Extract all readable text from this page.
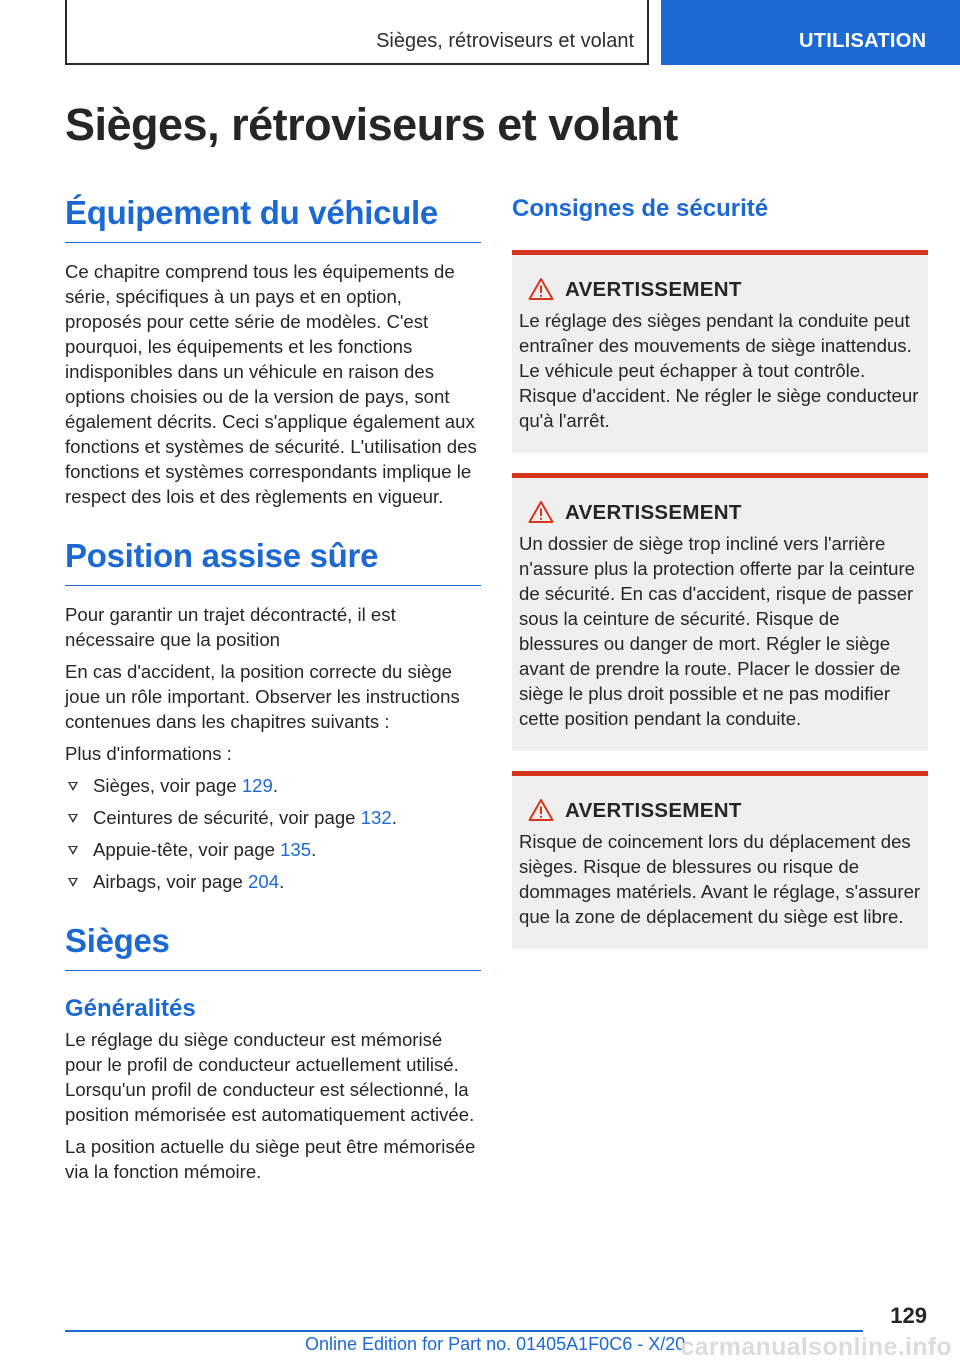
Sièges, rétroviseurs et volant	UTILISATION
Sièges, rétroviseurs et volant
Équipement du véhicule

Ce chapitre comprend tous les équipements de série, spécifiques à un pays et en option, proposés pour cette série de modèles. C'est pourquoi, les équipements et les fonctions indisponibles dans un véhicule en raison des options choisies ou de la version de pays, sont également décrits. Ceci s'applique également aux fonctions et systèmes de sécurité. L'utilisation des fonctions et systèmes correspondants implique le respect des lois et des règlements en vigueur.

Position assise sûre

Pour garantir un trajet décontracté, il est nécessaire que la position

En cas d'accident, la position correcte du siège joue un rôle important. Observer les instructions contenues dans les chapitres suivants :

Plus d'informations :

Sièges, voir page 129.
Ceintures de sécurité, voir page 132.
Appuie-tête, voir page 135.
Airbags, voir page 204.
Sièges
Généralités

Le réglage du siège conducteur est mémorisé pour le profil de conducteur actuellement utilisé. Lorsqu'un profil de conducteur est sélectionné, la position mémorisée est automatiquement activée.

La position actuelle du siège peut être mémorisée via la fonction mémoire.

Consignes de sécurité
AVERTISSEMENT

Le réglage des sièges pendant la conduite peut entraîner des mouvements de siège inattendus. Le véhicule peut échapper à tout contrôle. Risque d'accident. Ne régler le siège conducteur qu'à l'arrêt.

AVERTISSEMENT

Un dossier de siège trop incliné vers l'arrière n'assure plus la protection offerte par la ceinture de sécurité. En cas d'accident, risque de passer sous la ceinture de sécurité. Risque de blessures ou danger de mort. Régler le siège avant de prendre la route. Placer le dossier de siège le plus droit possible et ne pas modifier cette position pendant la conduite.

AVERTISSEMENT

Risque de coincement lors du déplacement des sièges. Risque de blessures ou risque de dommages matériels. Avant le réglage, s'assurer que la zone de déplacement du siège est libre.

129
Online Edition for Part no. 01405A1F0C6 - X/20
carmanualsonline.info
